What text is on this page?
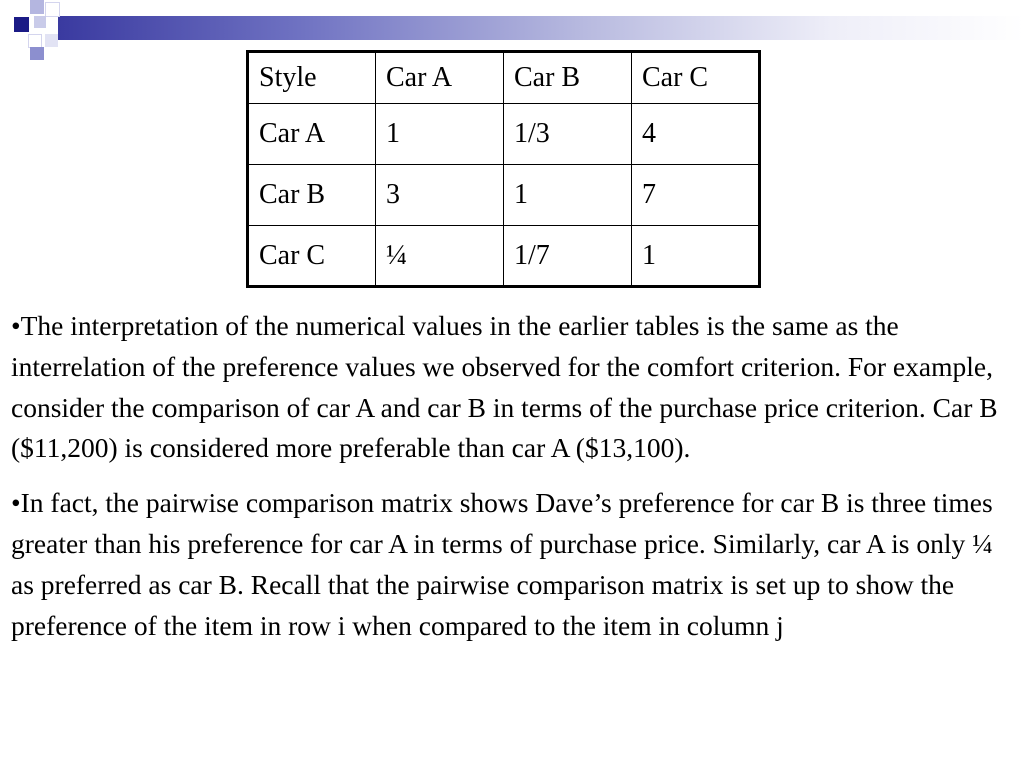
Style	Car A	Car B	Car C
Car A	1	1/3	4
Car B	3	1	7
Car C	¼	1/7	1

•The interpretation of the numerical values in the earlier tables is the same as the interrelation of the preference values we observed for the comfort criterion. For example, consider the comparison of car A and car B in terms of the purchase price criterion. Car B ($11,200) is considered more preferable than car A ($13,100).

•In fact, the pairwise comparison matrix shows Dave’s preference for car B is three times greater than his preference for car A in terms of purchase price. Similarly, car A is only ¼ as preferred as car B. Recall that the pairwise comparison matrix is set up to show the preference of the item in row i when compared to the item in column j
